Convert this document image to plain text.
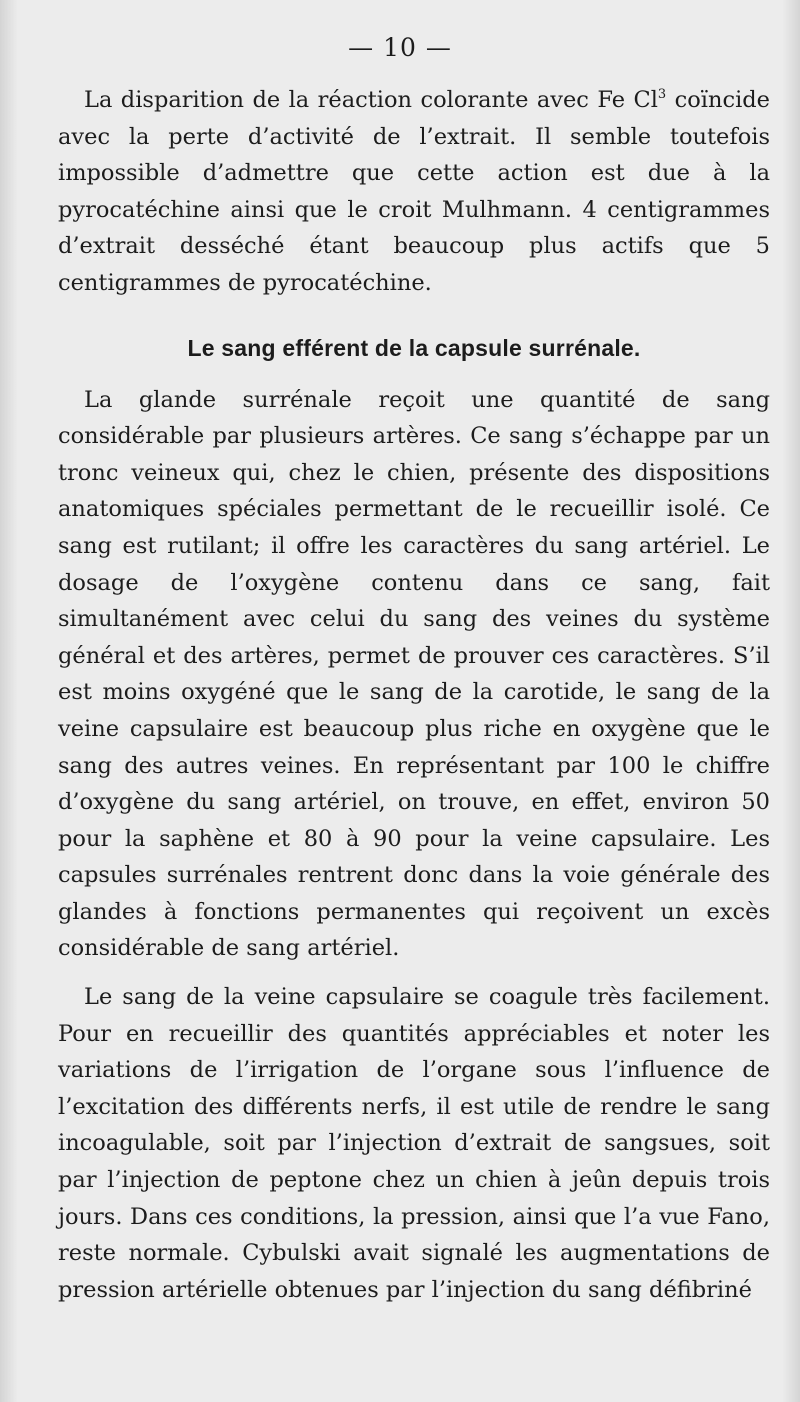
— 10 —

La disparition de la réaction colorante avec Fe Cl$^3$ coïncide avec la perte d’activité de l’extrait. Il semble toutefois impossible d’admettre que cette action est due à la pyrocatéchine ainsi que le croit Mulhmann. 4 centigrammes d’extrait desséché étant beaucoup plus actifs que 5 centigrammes de pyrocatéchine.

Le sang efférent de la capsule surrénale.

La glande surrénale reçoit une quantité de sang considérable par plusieurs artères. Ce sang s’échappe par un tronc veineux qui, chez le chien, présente des dispositions anatomiques spéciales permettant de le recueillir isolé. Ce sang est rutilant; il offre les caractères du sang artériel. Le dosage de l’oxygène contenu dans ce sang, fait simultanément avec celui du sang des veines du système général et des artères, permet de prouver ces caractères. S’il est moins oxygéné que le sang de la carotide, le sang de la veine capsulaire est beaucoup plus riche en oxygène que le sang des autres veines. En représentant par 100 le chiffre d’oxygène du sang artériel, on trouve, en effet, environ 50 pour la saphène et 80 à 90 pour la veine capsulaire. Les capsules surrénales rentrent donc dans la voie générale des glandes à fonctions permanentes qui reçoivent un excès considérable de sang artériel.

Le sang de la veine capsulaire se coagule très facilement. Pour en recueillir des quantités appréciables et noter les variations de l’irrigation de l’organe sous l’influence de l’excitation des différents nerfs, il est utile de rendre le sang incoagulable, soit par l’injection d’extrait de sangsues, soit par l’injection de peptone chez un chien à jeûn depuis trois jours. Dans ces conditions, la pression, ainsi que l’a vue Fano, reste normale. Cybulski avait signalé les augmentations de pression artérielle obtenues par l’injection du sang défibriné
